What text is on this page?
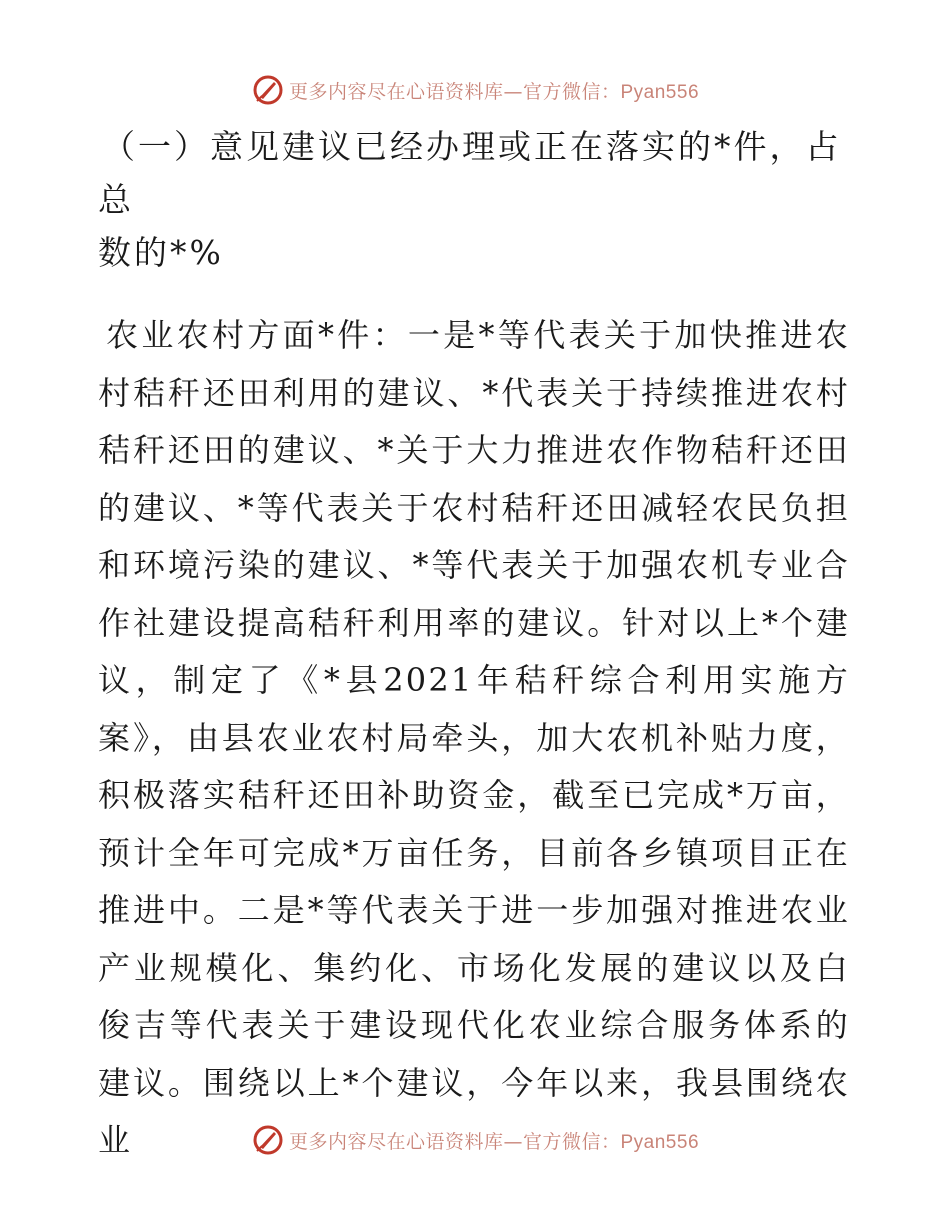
更多内容尽在心语资料库—官方微信：Pyan556

（一）意见建议已经办理或正在落实的*件，占总

数的*%

农业农村方面*件：一是*等代表关于加快推进农村秸秆还田利用的建议、*代表关于持续推进农村秸秆还田的建议、*关于大力推进农作物秸秆还田的建议、*等代表关于农村秸秆还田减轻农民负担和环境污染的建议、*等代表关于加强农机专业合作社建设提高秸秆利用率的建议。针对以上*个建议，制定了《*县2021年秸秆综合利用实施方案》，由县农业农村局牵头，加大农机补贴力度，积极落实秸秆还田补助资金，截至已完成*万亩，预计全年可完成*万亩任务，目前各乡镇项目正在推进中。二是*等代表关于进一步加强对推进农业产业规模化、集约化、市场化发展的建议以及白俊吉等代表关于建设现代化农业综合服务体系的建议。围绕以上*个建议，今年以来，我县围绕农业	更多内容尽在心语资料库—官方微信：Pyan556
